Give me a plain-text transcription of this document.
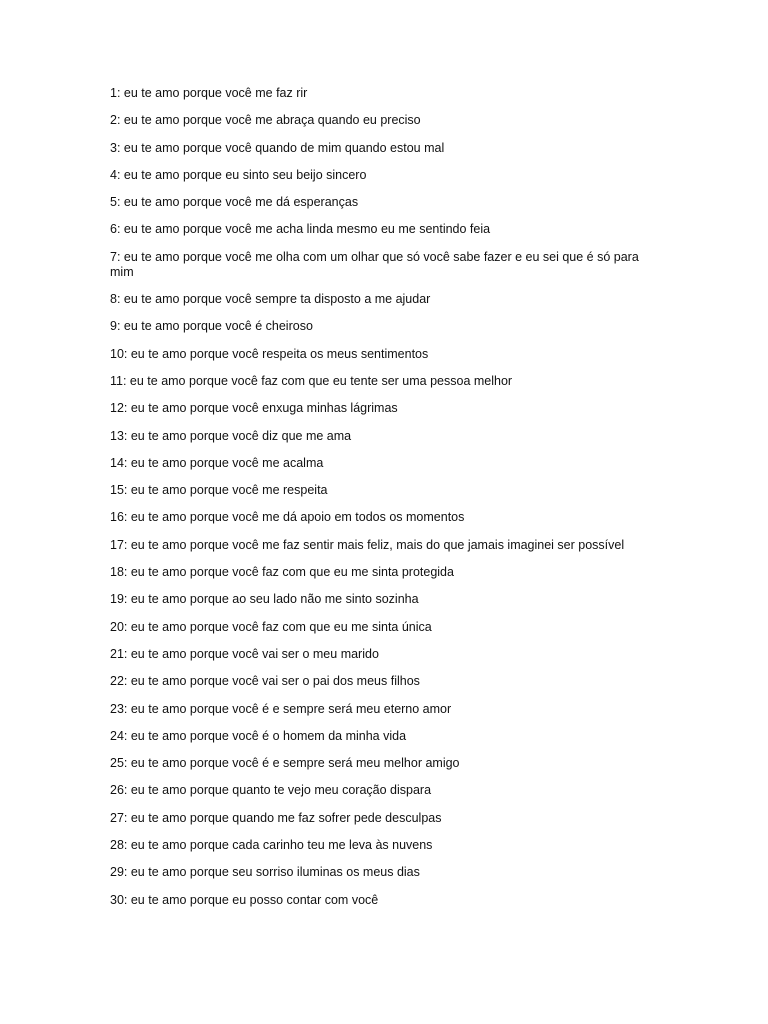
1: eu te amo porque você me faz rir
2: eu te amo porque você me abraça quando eu preciso
3: eu te amo porque você quando de mim quando estou mal
4: eu te amo porque eu sinto seu beijo sincero
5: eu te amo porque você me dá esperanças
6: eu te amo porque você me acha linda mesmo eu me sentindo feia
7: eu te amo porque você me olha com um olhar que só você sabe fazer e eu sei que é só para mim
8: eu te amo porque você sempre ta disposto a me ajudar
9: eu te amo porque você é cheiroso
10: eu te amo porque você respeita os meus sentimentos
11: eu te amo porque você faz com que eu tente ser uma pessoa melhor
12: eu te amo porque você enxuga minhas lágrimas
13: eu te amo porque você diz que me ama
14: eu te amo porque você me acalma
15: eu te amo porque você me respeita
16: eu te amo porque você me dá apoio em todos os momentos
17: eu te amo porque você me faz sentir mais feliz, mais do que jamais imaginei ser possível
18: eu te amo porque você faz com que eu me sinta protegida
19: eu te amo porque ao seu lado não me sinto sozinha
20: eu te amo porque você faz com que eu me sinta única
21: eu te amo porque você vai ser o meu marido
22: eu te amo porque você vai ser o pai dos meus filhos
23: eu te amo porque você é e sempre será meu eterno amor
24: eu te amo porque você é o homem da minha vida
25: eu te amo porque você é e sempre será meu melhor amigo
26: eu te amo porque quanto te vejo meu coração dispara
27: eu te amo porque quando me faz sofrer pede desculpas
28: eu te amo porque cada carinho teu me leva às nuvens
29: eu te amo porque seu sorriso iluminas os meus dias
30: eu te amo porque eu posso contar com você
